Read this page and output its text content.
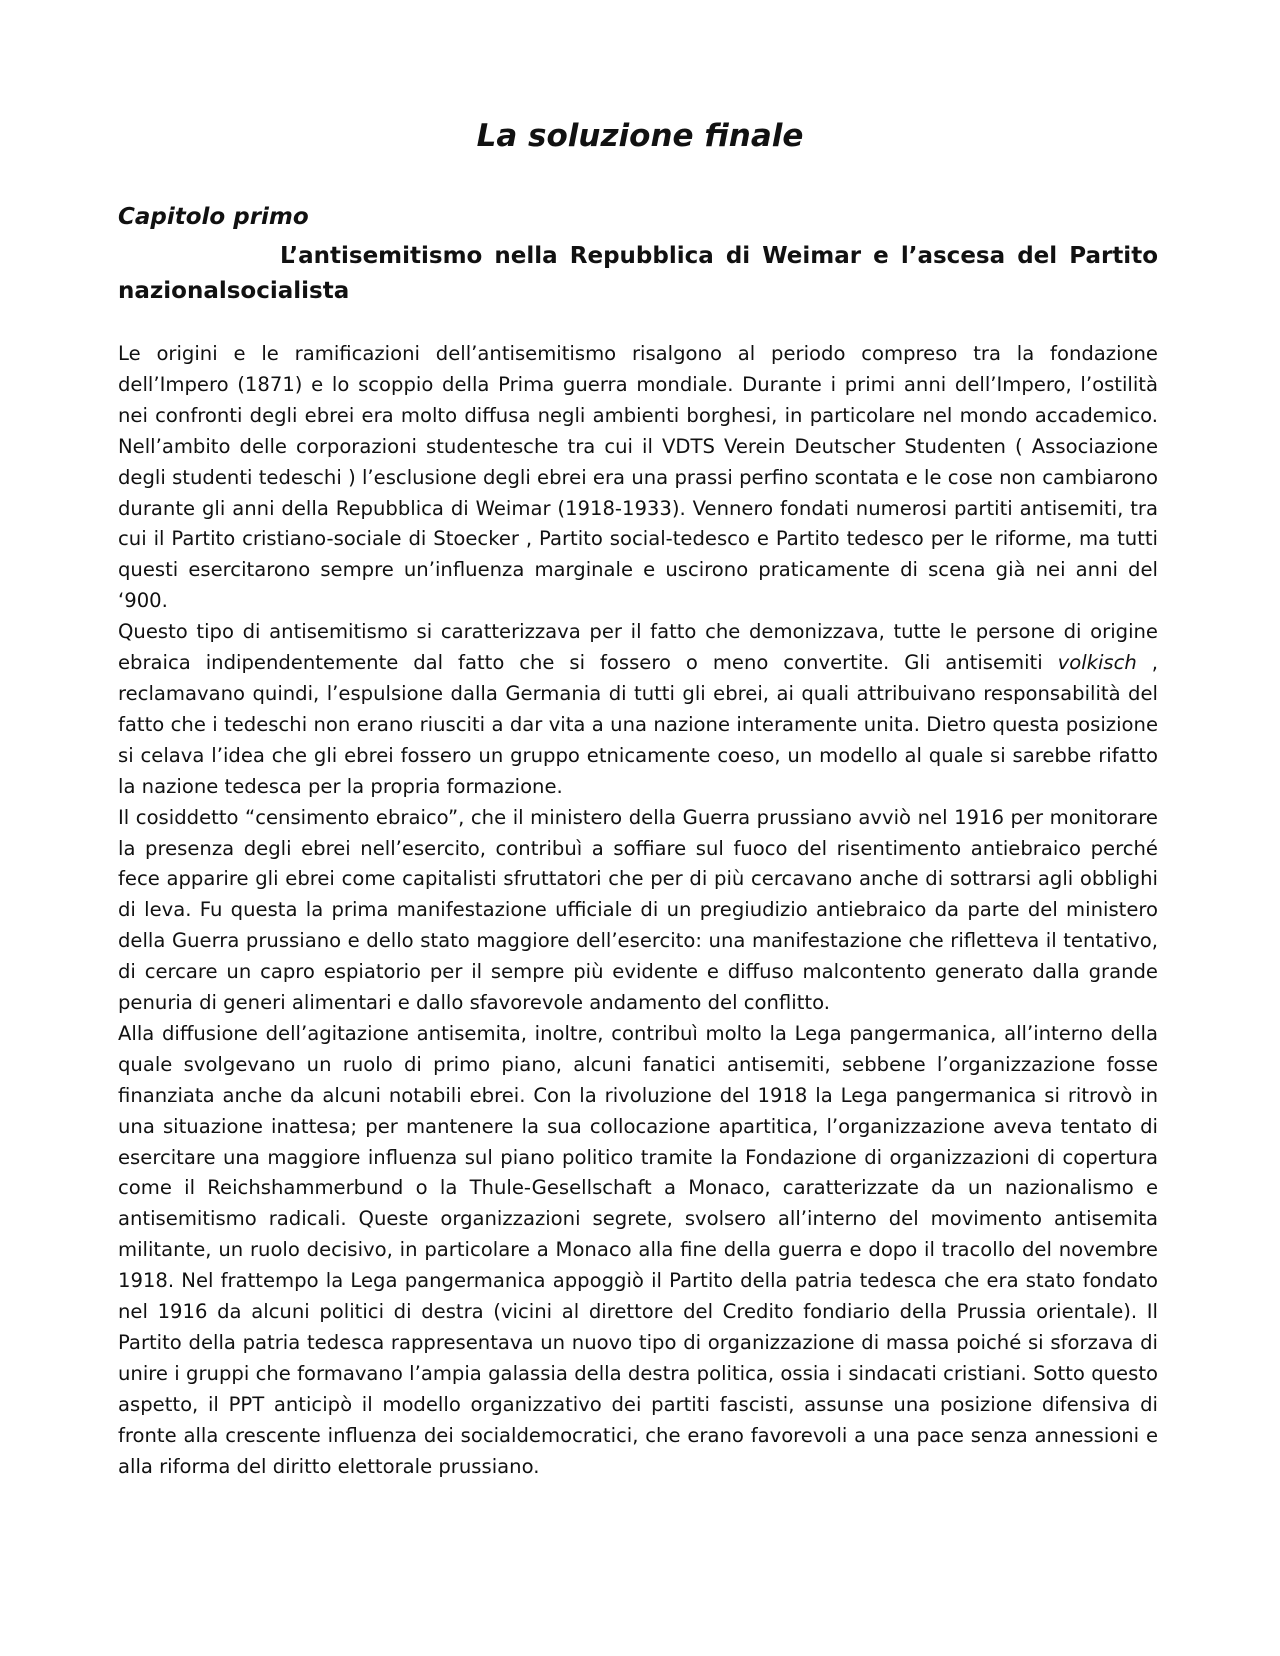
La soluzione finale
Capitolo primo
L’antisemitismo nella Repubblica di Weimar e l’ascesa del Partito nazionalsocialista

Le origini e le ramificazioni dell’antisemitismo risalgono al periodo compreso tra la fondazione dell’Impero (1871) e lo scoppio della Prima guerra mondiale. Durante i primi anni dell’Impero, l’ostilità nei confronti degli ebrei era molto diffusa negli ambienti borghesi, in particolare nel mondo accademico. Nell’ambito delle corporazioni studentesche tra cui il VDTS Verein Deutscher Studenten ( Associazione degli studenti tedeschi ) l’esclusione degli ebrei era una prassi perfino scontata e le cose non cambiarono durante gli anni della Repubblica di Weimar (1918-1933). Vennero fondati numerosi partiti antisemiti, tra cui il Partito cristiano-sociale di Stoecker , Partito social-tedesco e Partito tedesco per le riforme, ma tutti questi esercitarono sempre un’influenza marginale e uscirono praticamente di scena già nei anni del ‘900.

Questo tipo di antisemitismo si caratterizzava per il fatto che demonizzava, tutte le persone di origine ebraica indipendentemente dal fatto che si fossero o meno convertite. Gli antisemiti volkisch , reclamavano quindi, l’espulsione dalla Germania di tutti gli ebrei, ai quali attribuivano responsabilità del fatto che i tedeschi non erano riusciti a dar vita a una nazione interamente unita. Dietro questa posizione si celava l’idea che gli ebrei fossero un gruppo etnicamente coeso, un modello al quale si sarebbe rifatto la nazione tedesca per la propria formazione.

Il cosiddetto “censimento ebraico”, che il ministero della Guerra prussiano avviò nel 1916 per monitorare la presenza degli ebrei nell’esercito, contribuì a soffiare sul fuoco del risentimento antiebraico perché fece apparire gli ebrei come capitalisti sfruttatori che per di più cercavano anche di sottrarsi agli obblighi di leva. Fu questa la prima manifestazione ufficiale di un pregiudizio antiebraico da parte del ministero della Guerra prussiano e dello stato maggiore dell’esercito: una manifestazione che rifletteva il tentativo, di cercare un capro espiatorio per il sempre più evidente e diffuso malcontento generato dalla grande penuria di generi alimentari e dallo sfavorevole andamento del conflitto.

Alla diffusione dell’agitazione antisemita, inoltre, contribuì molto la Lega pangermanica, all’interno della quale svolgevano un ruolo di primo piano, alcuni fanatici antisemiti, sebbene l’organizzazione fosse finanziata anche da alcuni notabili ebrei. Con la rivoluzione del 1918 la Lega pangermanica si ritrovò in una situazione inattesa; per mantenere la sua collocazione apartitica, l’organizzazione aveva tentato di esercitare una maggiore influenza sul piano politico tramite la Fondazione di organizzazioni di copertura come il Reichshammerbund o la Thule-Gesellschaft a Monaco, caratterizzate da un nazionalismo e antisemitismo radicali. Queste organizzazioni segrete, svolsero all’interno del movimento antisemita militante, un ruolo decisivo, in particolare a Monaco alla fine della guerra e dopo il tracollo del novembre 1918. Nel frattempo la Lega pangermanica appoggiò il Partito della patria tedesca che era stato fondato nel 1916 da alcuni politici di destra (vicini al direttore del Credito fondiario della Prussia orientale). Il Partito della patria tedesca rappresentava un nuovo tipo di organizzazione di massa poiché si sforzava di unire i gruppi che formavano l’ampia galassia della destra politica, ossia i sindacati cristiani. Sotto questo aspetto, il PPT anticipò il modello organizzativo dei partiti fascisti, assunse una posizione difensiva di fronte alla crescente influenza dei socialdemocratici, che erano favorevoli a una pace senza annessioni e alla riforma del diritto elettorale prussiano.
